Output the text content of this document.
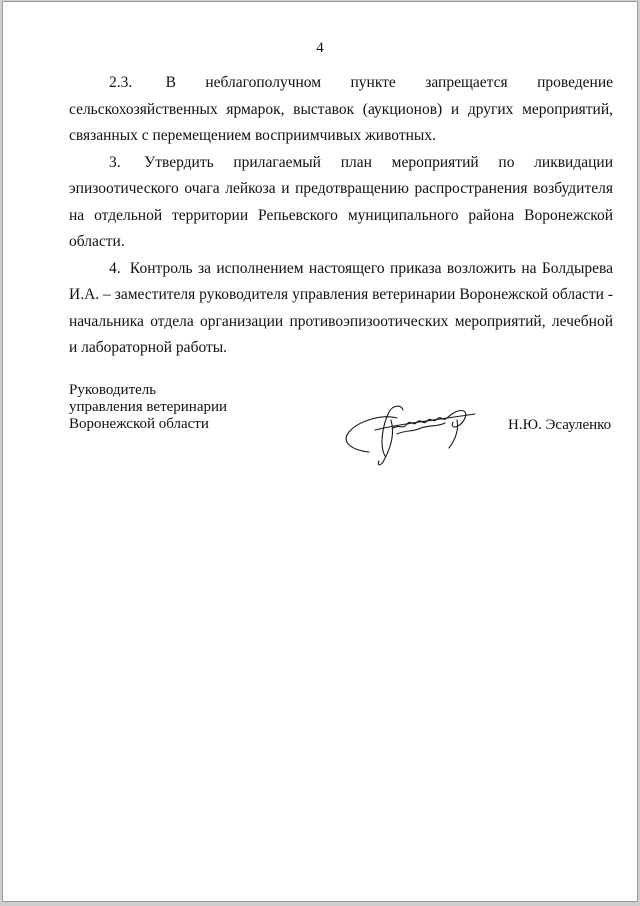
4

2.3. В неблагополучном пункте запрещается проведение сельскохозяйственных ярмарок, выставок (аукционов) и других мероприятий, связанных с перемещением восприимчивых животных.

3. Утвердить прилагаемый план мероприятий по ликвидации эпизоотического очага лейкоза и предотвращению распространения возбудителя на отдельной территории Репьевского муниципального района Воронежской области.

4. Контроль за исполнением настоящего приказа возложить на Болдырева И.А. – заместителя руководителя управления ветеринарии Воронежской области - начальника отдела организации противоэпизоотических мероприятий, лечебной и лабораторной работы.

Руководитель
управления ветеринарии
Воронежской области	Н.Ю. Эсауленко
